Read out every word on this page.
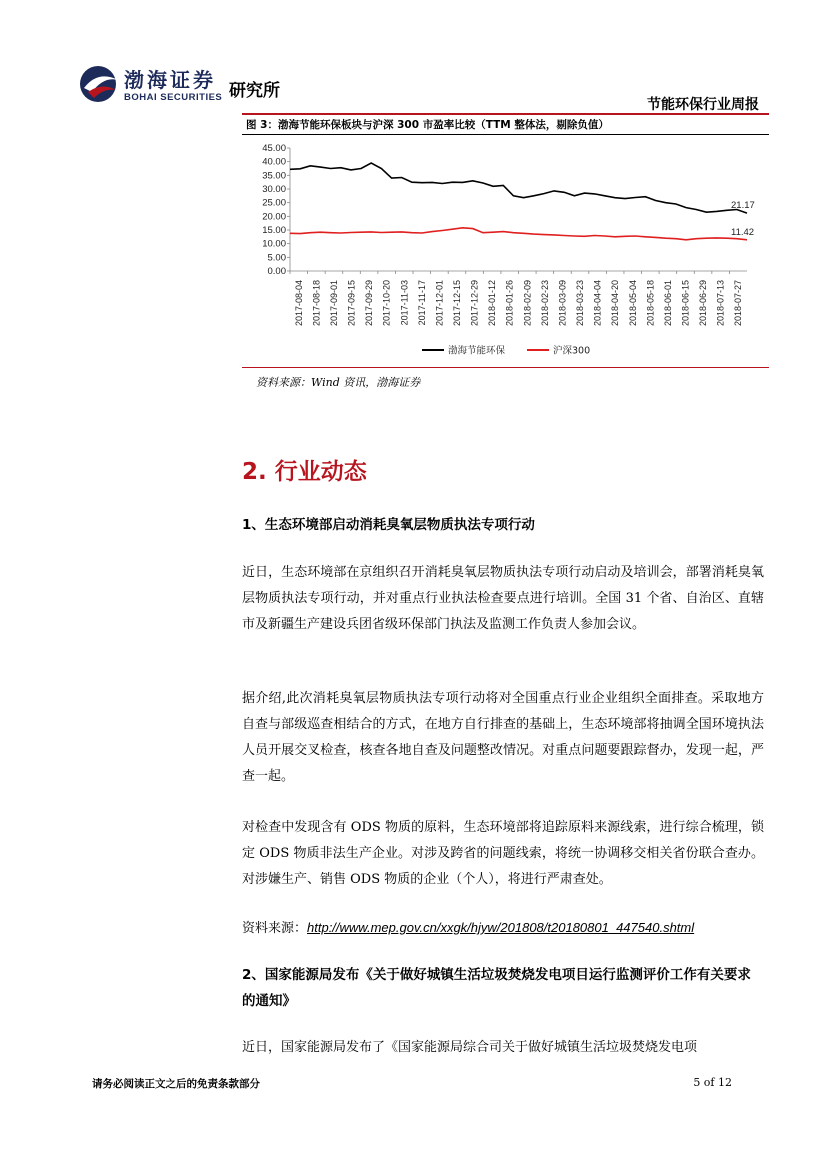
渤海证券
BOHAI SECURITIES 研究所
节能环保行业周报
图 3：渤海节能环保板块与沪深 300 市盈率比较（TTM 整体法，剔除负值）
0.00
5.00
10.00
15.00
20.00
25.00
30.00
35.00
40.00
45.00
2017-08-04 2017-08-18 2017-09-01 2017-09-15 2017-09-29 2017-10-20 2017-11-03 2017-11-17 2017-12-01 2017-12-15 2017-12-29 2018-01-12 2018-01-26 2018-02-09 2018-02-23 2018-03-09 2018-03-23 2018-04-04 2018-04-20 2018-05-04 2018-05-18 2018-06-01 2018-06-15 2018-06-29 2018-07-13 2018-07-27
21.17
11.42
渤海节能环保	沪深300
资料来源：Wind 资讯，渤海证券
2. 行业动态
1、生态环境部启动消耗臭氧层物质执法专项行动
近日，生态环境部在京组织召开消耗臭氧层物质执法专项行动启动及培训会，部署消耗臭氧层物质执法专项行动，并对重点行业执法检查要点进行培训。全国 31 个省、自治区、直辖市及新疆生产建设兵团省级环保部门执法及监测工作负责人参加会议。
据介绍,此次消耗臭氧层物质执法专项行动将对全国重点行业企业组织全面排查。采取地方自查与部级巡查相结合的方式，在地方自行排查的基础上，生态环境部将抽调全国环境执法人员开展交叉检查，核查各地自查及问题整改情况。对重点问题要跟踪督办，发现一起，严查一起。
对检查中发现含有 ODS 物质的原料，生态环境部将追踪原料来源线索，进行综合梳理，锁定 ODS 物质非法生产企业。对涉及跨省的问题线索，将统一协调移交相关省份联合查办。对涉嫌生产、销售 ODS 物质的企业（个人），将进行严肃查处。
资料来源：http://www.mep.gov.cn/xxgk/hjyw/201808/t20180801_447540.shtml
2、国家能源局发布《关于做好城镇生活垃圾焚烧发电项目运行监测评价工作有关要求的通知》
近日，国家能源局发布了《国家能源局综合司关于做好城镇生活垃圾焚烧发电项
请务必阅读正文之后的免责条款部分	5 of 12
